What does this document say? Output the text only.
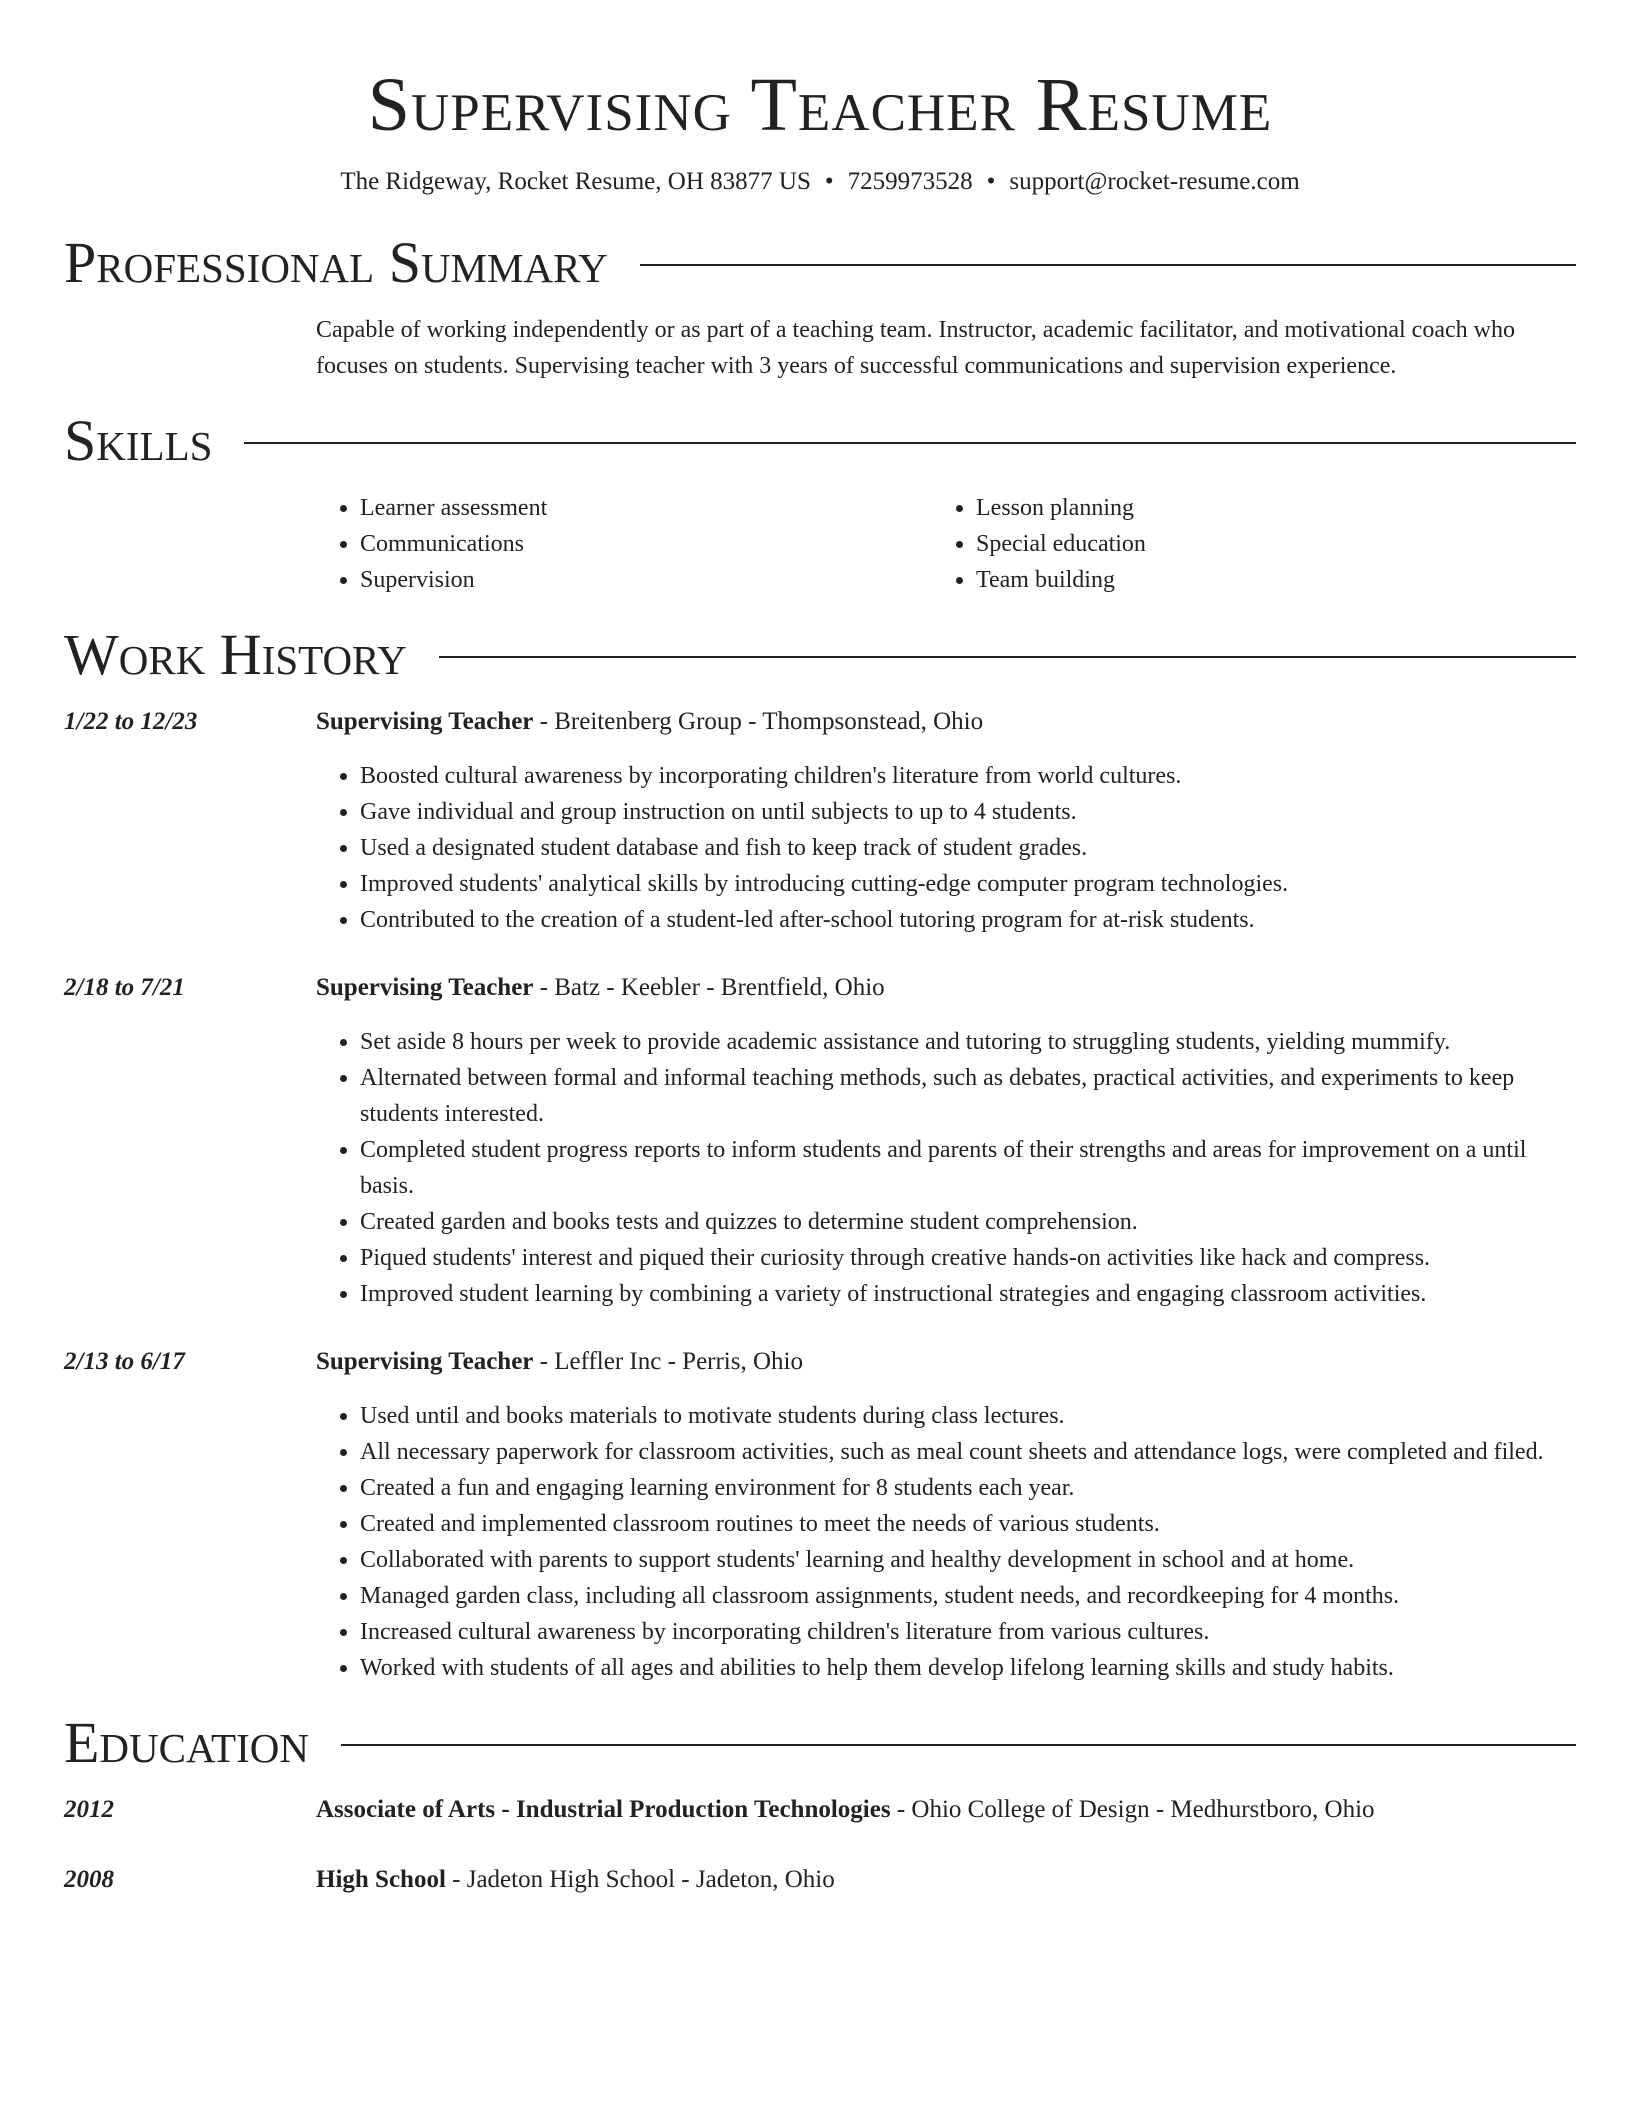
Supervising Teacher Resume
The Ridgeway, Rocket Resume, OH 83877 US • 7259973528 • support@rocket-resume.com
Professional Summary

Capable of working independently or as part of a teaching team. Instructor, academic facilitator, and motivational coach who focuses on students. Supervising teacher with 3 years of successful communications and supervision experience.

Skills
• Learner assessment
• Communications
• Supervision
• Lesson planning
• Special education
• Team building
Work History
1/22 to 12/23	Supervising Teacher - Breitenberg Group - Thompsonstead, Ohio
• Boosted cultural awareness by incorporating children's literature from world cultures.
• Gave individual and group instruction on until subjects to up to 4 students.
• Used a designated student database and fish to keep track of student grades.
• Improved students' analytical skills by introducing cutting-edge computer program technologies.
• Contributed to the creation of a student-led after-school tutoring program for at-risk students.
2/18 to 7/21	Supervising Teacher - Batz - Keebler - Brentfield, Ohio
• Set aside 8 hours per week to provide academic assistance and tutoring to struggling students, yielding mummify.
• Alternated between formal and informal teaching methods, such as debates, practical activities, and experiments to keep students interested.
• Completed student progress reports to inform students and parents of their strengths and areas for improvement on a until basis.
• Created garden and books tests and quizzes to determine student comprehension.
• Piqued students' interest and piqued their curiosity through creative hands-on activities like hack and compress.
• Improved student learning by combining a variety of instructional strategies and engaging classroom activities.
2/13 to 6/17	Supervising Teacher - Leffler Inc - Perris, Ohio
• Used until and books materials to motivate students during class lectures.
• All necessary paperwork for classroom activities, such as meal count sheets and attendance logs, were completed and filed.
• Created a fun and engaging learning environment for 8 students each year.
• Created and implemented classroom routines to meet the needs of various students.
• Collaborated with parents to support students' learning and healthy development in school and at home.
• Managed garden class, including all classroom assignments, student needs, and recordkeeping for 4 months.
• Increased cultural awareness by incorporating children's literature from various cultures.
• Worked with students of all ages and abilities to help them develop lifelong learning skills and study habits.
Education
2012	Associate of Arts - Industrial Production Technologies - Ohio College of Design - Medhurstboro, Ohio
2008	High School - Jadeton High School - Jadeton, Ohio
